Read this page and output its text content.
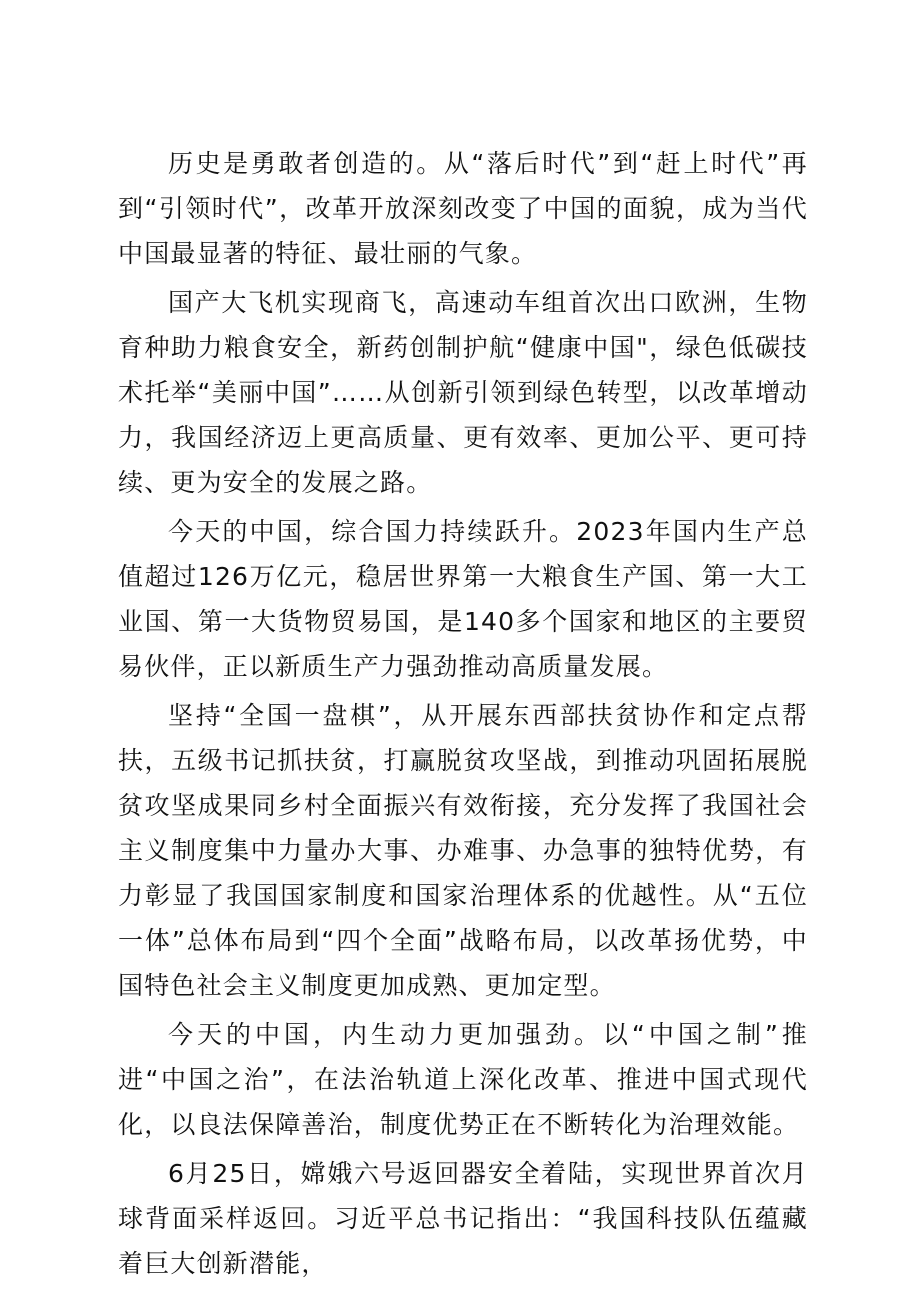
历史是勇敢者创造的。从“落后时代”到“赶上时代”再到“引领时代”，改革开放深刻改变了中国的面貌，成为当代中国最显著的特征、最壮丽的气象。

国产大飞机实现商飞，高速动车组首次出口欧洲，生物育种助力粮食安全，新药创制护航“健康中国"，绿色低碳技术托举“美丽中国”……从创新引领到绿色转型，以改革增动力，我国经济迈上更高质量、更有效率、更加公平、更可持续、更为安全的发展之路。

今天的中国，综合国力持续跃升。2023年国内生产总值超过126万亿元，稳居世界第一大粮食生产国、第一大工业国、第一大货物贸易国，是140多个国家和地区的主要贸易伙伴，正以新质生产力强劲推动高质量发展。

坚持“全国一盘棋”，从开展东西部扶贫协作和定点帮扶，五级书记抓扶贫，打赢脱贫攻坚战，到推动巩固拓展脱贫攻坚成果同乡村全面振兴有效衔接，充分发挥了我国社会主义制度集中力量办大事、办难事、办急事的独特优势，有力彰显了我国国家制度和国家治理体系的优越性。从“五位一体”总体布局到“四个全面”战略布局，以改革扬优势，中国特色社会主义制度更加成熟、更加定型。

今天的中国，内生动力更加强劲。以“中国之制”推进“中国之治”，在法治轨道上深化改革、推进中国式现代化，以良法保障善治，制度优势正在不断转化为治理效能。

6月25日，嫦娥六号返回器安全着陆，实现世界首次月球背面采样返回。习近平总书记指出：“我国科技队伍蕴藏着巨大创新潜能，
